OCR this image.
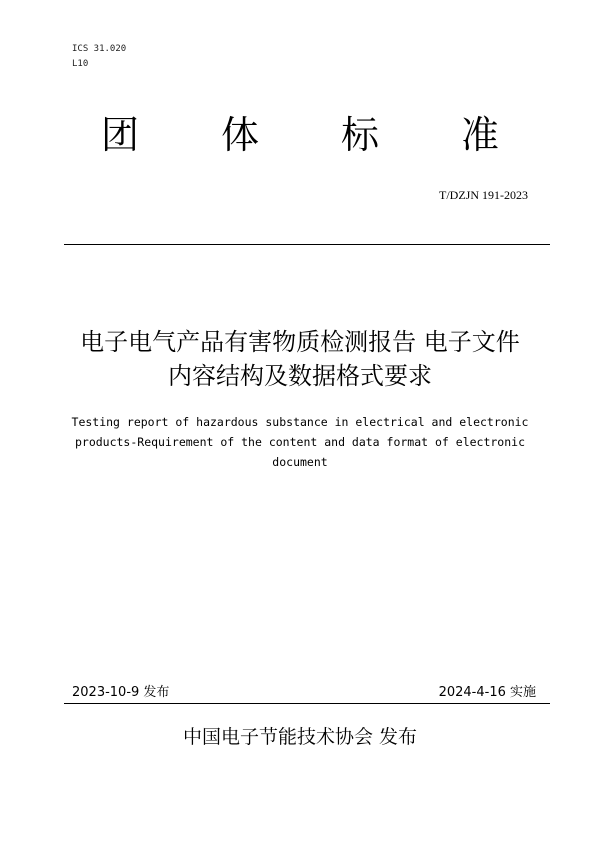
ICS 31.020
L10
团 体 标 准
T/DZJN 191-2023
电子电气产品有害物质检测报告 电子文件
内容结构及数据格式要求
Testing report of hazardous substance in electrical and electronic
products-Requirement of the content and data format of electronic
document
2023-10-9 发布	2024-4-16 实施
中国电子节能技术协会 发布
